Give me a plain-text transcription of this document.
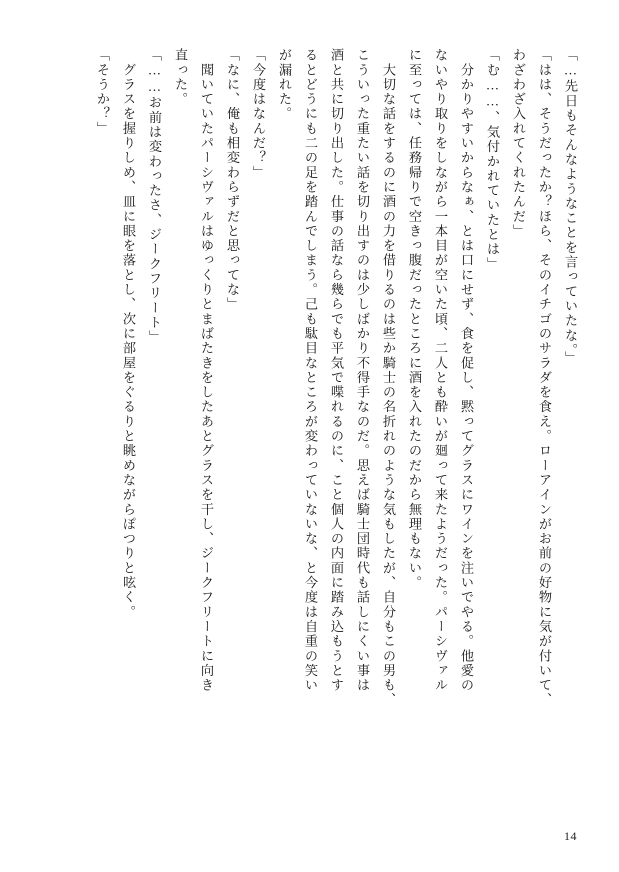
「…先日もそんなようなことを言っていたな。」
「はは、そうだったか？ほら、そのイチゴのサラダを食え。ローアインがお前の好物に気が付いて、
わざわざ入れてくれたんだ」
「む……、気付かれていたとは」
　分かりやすいからなぁ、とは口にせず、食を促し、黙ってグラスにワインを注いでやる。他愛の
ないやり取りをしながら一本目が空いた頃、二人とも酔いが廻って来たようだった。パーシヴァル
に至っては、任務帰りで空きっ腹だったところに酒を入れたのだから無理もない。
　大切な話をするのに酒の力を借りるのは些か騎士の名折れのような気もしたが、自分もこの男も、
こういった重たい話を切り出すのは少しばかり不得手なのだ。思えば騎士団時代も話しにくい事は
酒と共に切り出した。仕事の話なら幾らでも平気で喋れるのに、こと個人の内面に踏み込もうとす
るとどうにも二の足を踏んでしまう。己も駄目なところが変わっていないな、と今度は自重の笑い
が漏れた。
「今度はなんだ？」
「なに、俺も相変わらずだと思ってな」
　聞いていたパーシヴァルはゆっくりとまばたきをしたあとグラスを干し、ジークフリートに向き
直った。
「……お前は変わったさ、ジークフリート」
　グラスを握りしめ、皿に眼を落とし、次に部屋をぐるりと眺めながらぽつりと呟く。
「そうか？」
14
